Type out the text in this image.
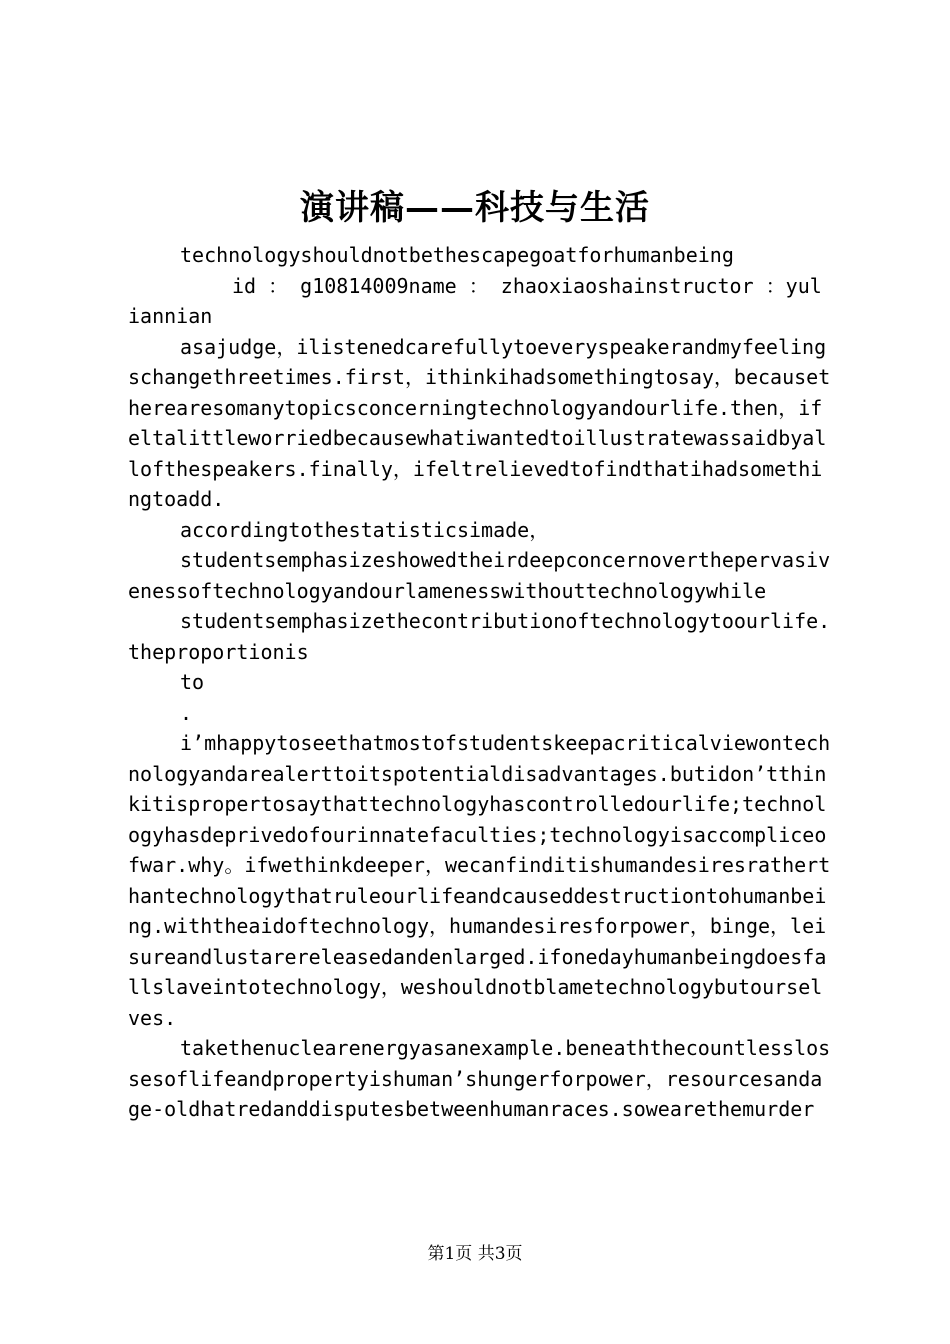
演讲稿——科技与生活

technologyshouldnotbethescapegoatforhumanbeing

id ： g10814009name ： zhaoxiaoshainstructor ：yuliannian

asajudge，ilistenedcarefullytoeveryspeakerandmyfeelingschangethreetimes.first，ithinkihadsomethingtosay，becausetherearesomanytopicsconcerningtechnologyandourlife.then，ifeltalittleworriedbecausewhatiwantedtoillustratewassaidbyallofthespeakers.finally，ifeltrelievedtofindthatihadsomethingtoadd.

accordingtothestatisticsimade，

studentsemphasizeshowedtheirdeepconcernoverthepervasivenessoftechnologyandourlamenesswithouttechnologywhile

studentsemphasizethecontributionoftechnologytoourlife.theproportionis

to

.

i’mhappytoseethatmostofstudentskeepacriticalviewontechnologyandarealerttoitspotentialdisadvantages.butidon’tthinkitispropertosaythattechnologyhascontrolledourlife;technologyhasdeprivedofourinnatefaculties;technologyisaccompliceofwar.why。ifwethinkdeeper，wecanfinditishumandesiresratherthantechnologythatruleourlifeandcauseddestructiontohumanbeing.withtheaidoftechnology，humandesiresforpower，binge，leisureandlustarereleasedandenlarged.ifonedayhumanbeingdoesfallslaveintotechnology，weshouldnotblametechnologybutourselves.

takethenuclearenergyasanexample.beneaththecountlesslossesoflifeandpropertyishuman’shungerforpower，resourcesandage-oldhatredanddisputesbetweenhumanraces.sowearethemurder

第1页 共3页
